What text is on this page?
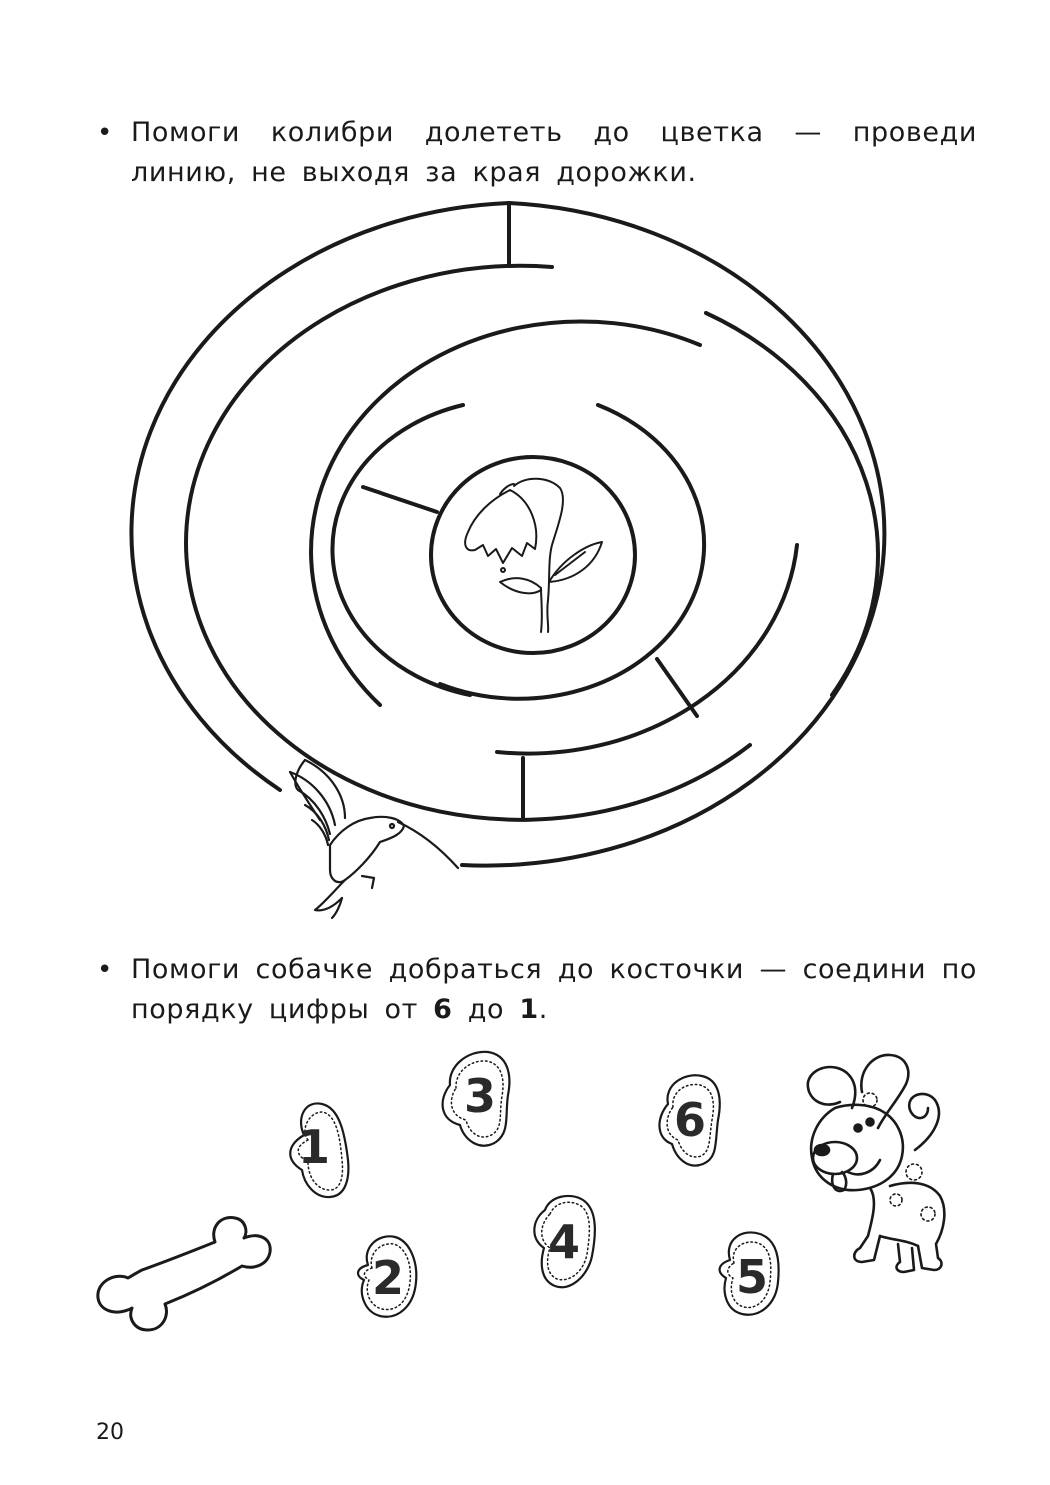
• Помоги колибри долететь до цветка — проведи линию, не выходя за края дорожки.
• Помоги собачке добраться до косточки — соедини по порядку цифры от 6 до 1.
1
2
3
4
5
6
20
